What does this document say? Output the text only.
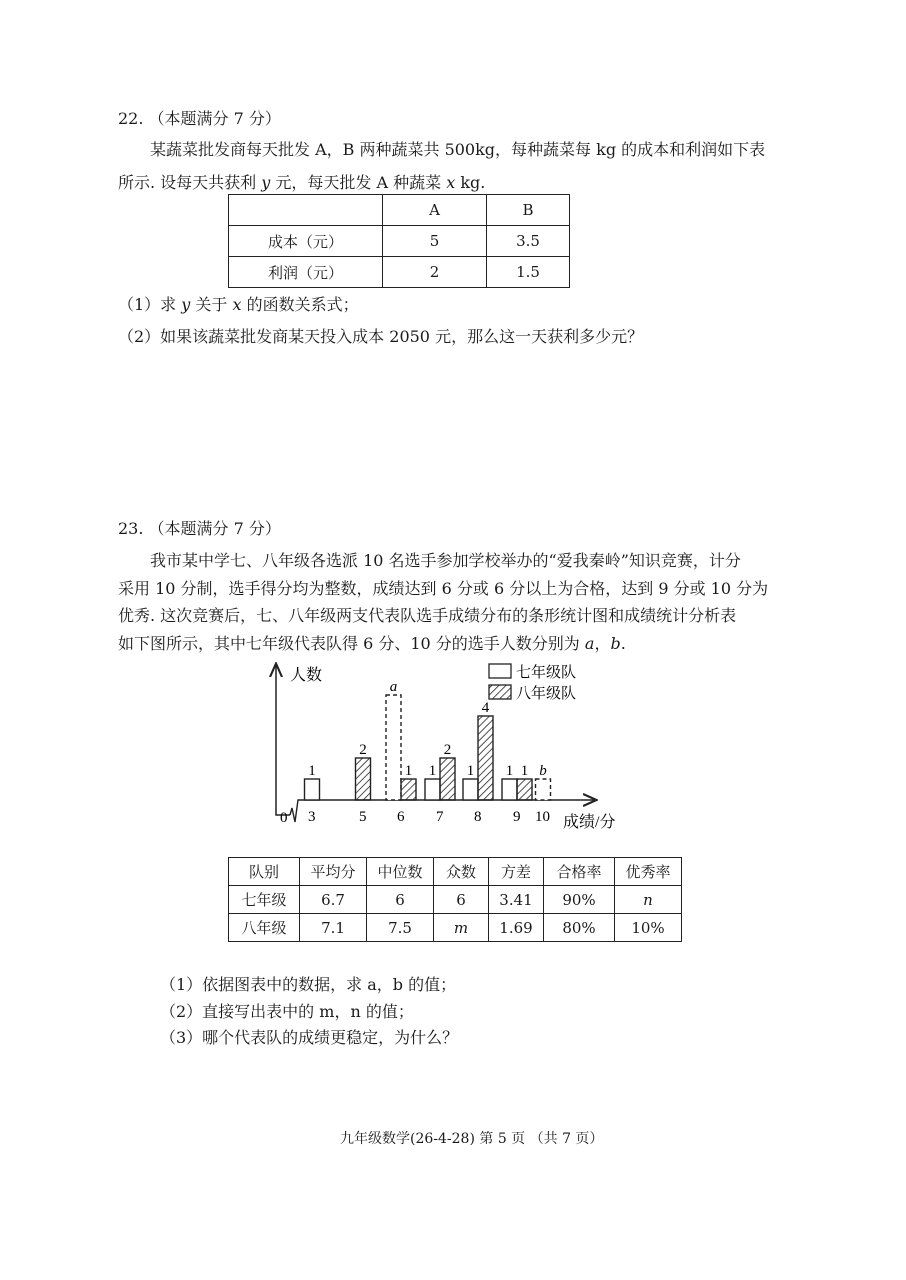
22. （本题满分 7 分）
某蔬菜批发商每天批发 A，B 两种蔬菜共 500kg，每种蔬菜每 kg 的成本和利润如下表
所示. 设每天共获利 y 元，每天批发 A 种蔬菜 x kg.
	A	B
成本（元）	5	3.5
利润（元）	2	1.5
（1）求 y 关于 x 的函数关系式；
（2）如果该蔬菜批发商某天投入成本 2050 元，那么这一天获利多少元？
23. （本题满分 7 分）
我市某中学七、八年级各选派 10 名选手参加学校举办的“爱我秦岭”知识竞赛，计分
采用 10 分制，选手得分均为整数，成绩达到 6 分或 6 分以上为合格，达到 9 分或 10 分为
优秀. 这次竞赛后，七、八年级两支代表队选手成绩分布的条形统计图和成绩统计分析表
如下图所示，其中七年级代表队得 6 分、10 分的选手人数分别为 a，b.
人数
0	成绩/分
七年级队
八年级队
1
2
a
1 1
2
1
4
1 1 b
3	5 6 7 8 9 10
队别	平均分	中位数	众数	方差	合格率	优秀率
七年级	6.7	6	6	3.41	90%	n
八年级	7.1	7.5	m	1.69	80%	10%
（1）依据图表中的数据，求 a，b 的值；
（2）直接写出表中的 m，n 的值；
（3）哪个代表队的成绩更稳定，为什么？
九年级数学(26-4-28) 第 5 页 （共 7 页）
